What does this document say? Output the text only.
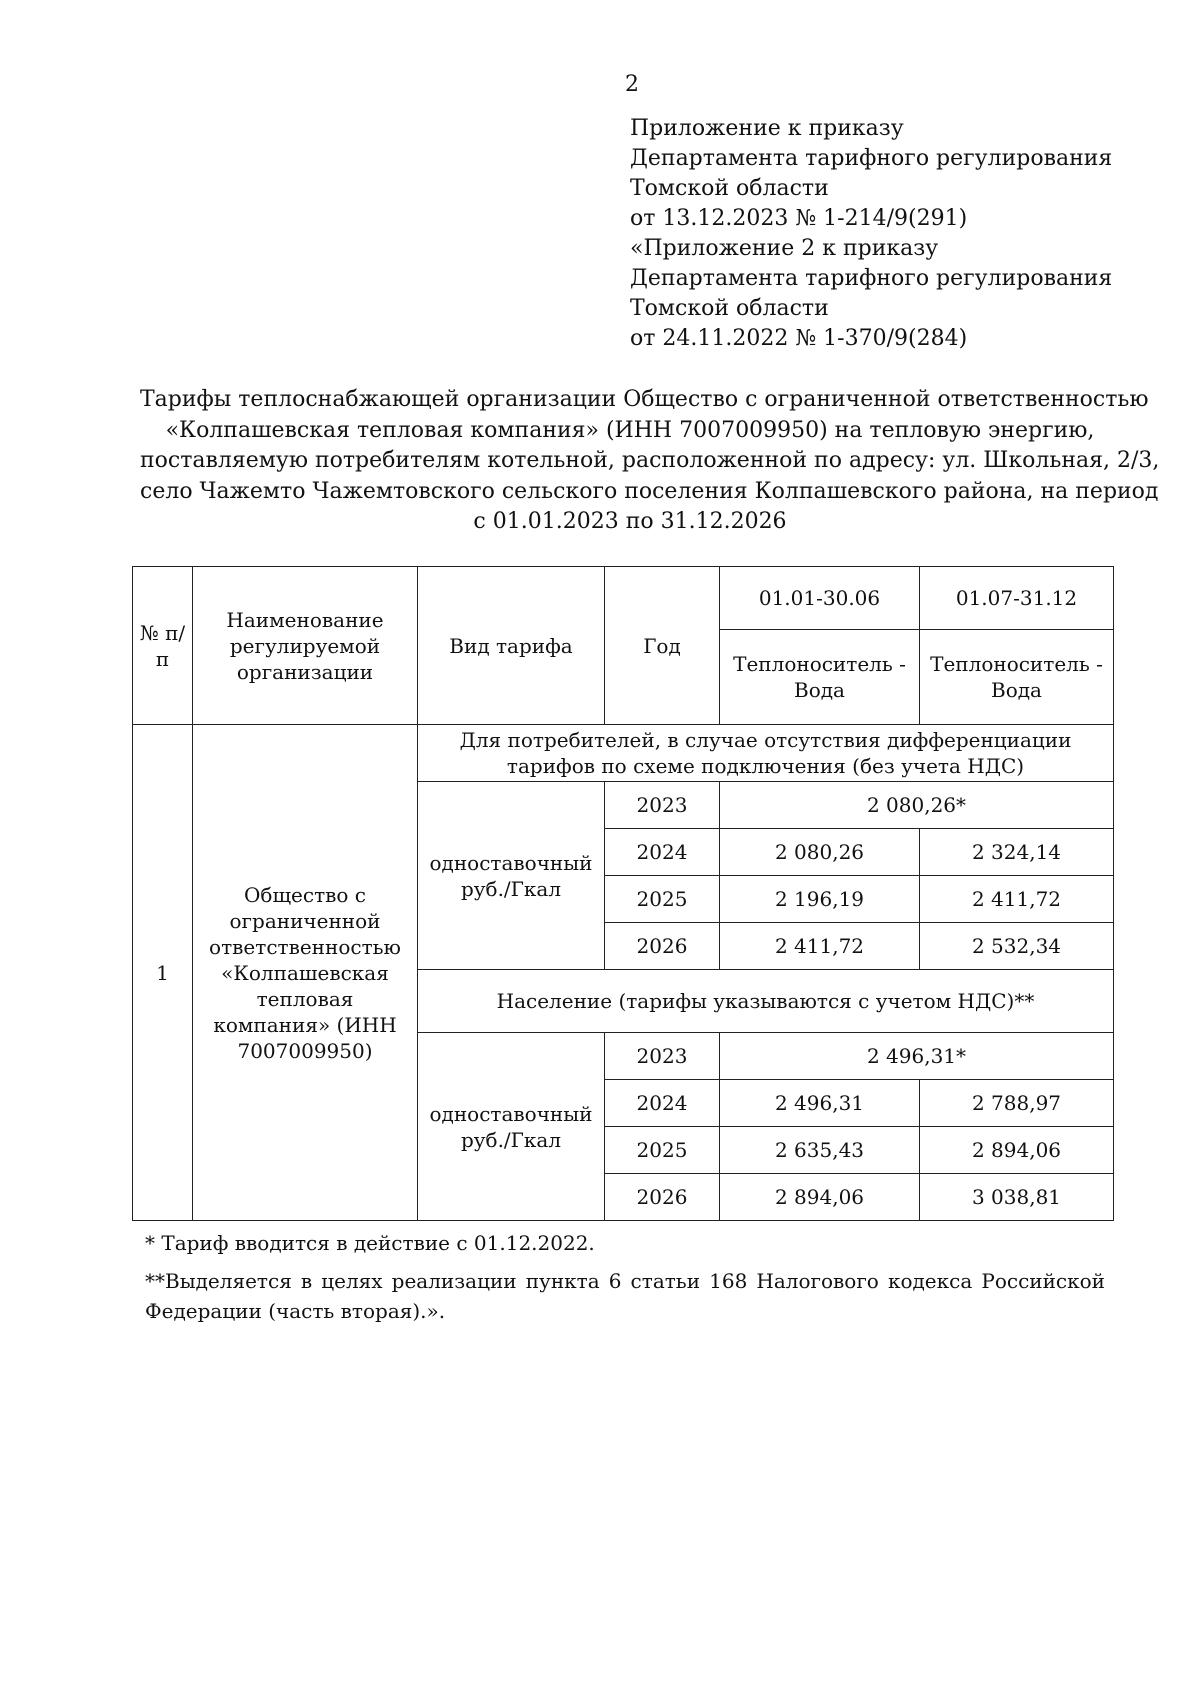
2
Приложение к приказу
Департамента тарифного регулирования
Томской области
от 13.12.2023 № 1-214/9(291)
«Приложение 2 к приказу
Департамента тарифного регулирования
Томской области
от 24.11.2022 № 1-370/9(284)
Тарифы теплоснабжающей организации Общество с ограниченной ответственностью
«Колпашевская тепловая компания» (ИНН 7007009950) на тепловую энергию,
поставляемую потребителям котельной, расположенной по адресу: ул. Школьная, 2/3,
село Чажемто Чажемтовского сельского поселения Колпашевского района, на период
с 01.01.2023 по 31.12.2026
№ п/п	Наименование регулируемой организации	Вид тарифа	Год	01.01-30.06	01.07-31.12
				Теплоноситель - Вода	Теплоноситель - Вода
1	Общество с ограниченной ответственностью «Колпашевская тепловая компания» (ИНН 7007009950)	Для потребителей, в случае отсутствия дифференциации тарифов по схеме подключения (без учета НДС)			
		одноставочный руб./Гкал	2023	2 080,26*	
			2024	2 080,26	2 324,14
			2025	2 196,19	2 411,72
			2026	2 411,72	2 532,34
		Население (тарифы указываются с учетом НДС)**			
		одноставочный руб./Гкал	2023	2 496,31*	
			2024	2 496,31	2 788,97
			2025	2 635,43	2 894,06
			2026	2 894,06	3 038,81

* Тариф вводится в действие с 01.12.2022.

**Выделяется в целях реализации пункта 6 статьи 168 Налогового кодекса Российской Федерации (часть вторая).».
